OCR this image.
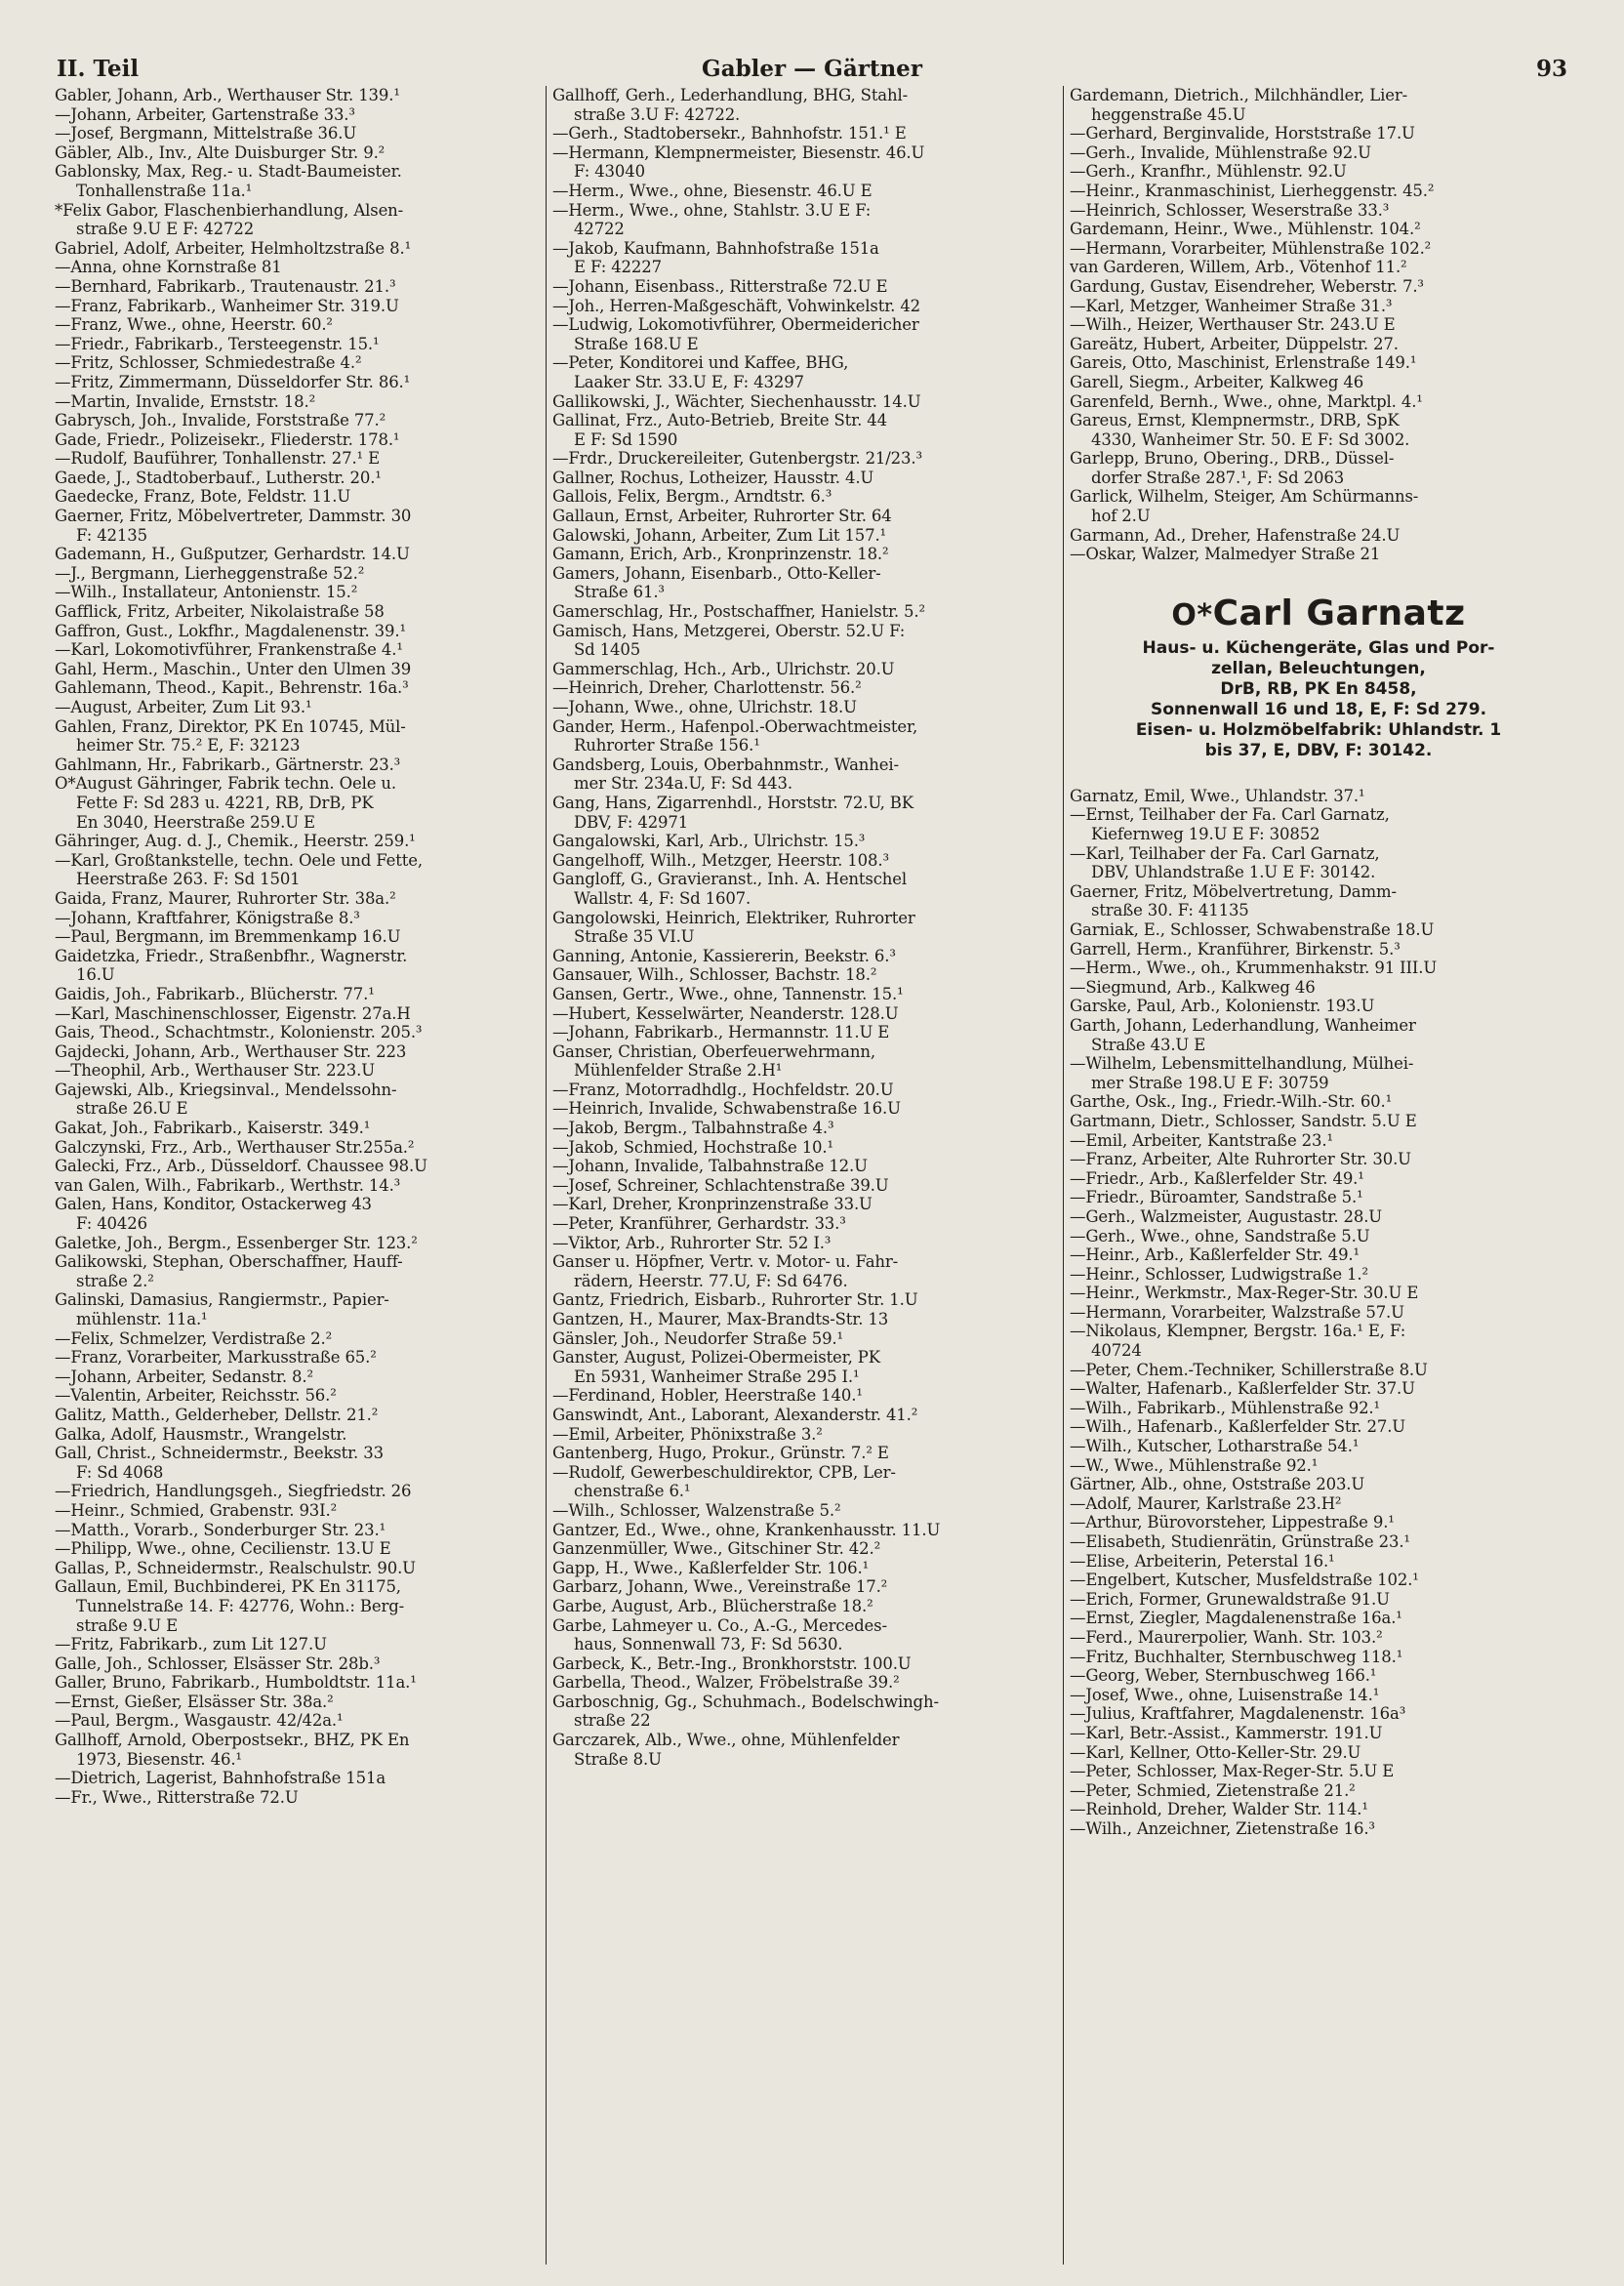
II. Teil	Gabler — Gärtner	93
Gabler, Johann, Arb., Werthauser Str. 139.¹
—Johann, Arbeiter, Gartenstraße 33.³
—Josef, Bergmann, Mittelstraße 36.U
Gäbler, Alb., Inv., Alte Duisburger Str. 9.²
Gablonsky, Max, Reg.- u. Stadt-Baumeister.
Tonhallenstraße 11a.¹
*Felix Gabor, Flaschenbierhandlung, Alsen-
straße 9.U E F: 42722
Gabriel, Adolf, Arbeiter, Helmholtzstraße 8.¹
—Anna, ohne Kornstraße 81
—Bernhard, Fabrikarb., Trautenaustr. 21.³
—Franz, Fabrikarb., Wanheimer Str. 319.U
—Franz, Wwe., ohne, Heerstr. 60.²
—Friedr., Fabrikarb., Tersteegenstr. 15.¹
—Fritz, Schlosser, Schmiedestraße 4.²
—Fritz, Zimmermann, Düsseldorfer Str. 86.¹
—Martin, Invalide, Ernststr. 18.²
Gabrysch, Joh., Invalide, Forststraße 77.²
Gade, Friedr., Polizeisekr., Fliederstr. 178.¹
—Rudolf, Bauführer, Tonhallenstr. 27.¹ E
Gaede, J., Stadtoberbauf., Lutherstr. 20.¹
Gaedecke, Franz, Bote, Feldstr. 11.U
Gaerner, Fritz, Möbelvertreter, Dammstr. 30
F: 42135
Gademann, H., Gußputzer, Gerhardstr. 14.U
—J., Bergmann, Lierheggenstraße 52.²
—Wilh., Installateur, Antonienstr. 15.²
Gafflick, Fritz, Arbeiter, Nikolaistraße 58
Gaffron, Gust., Lokfhr., Magdalenenstr. 39.¹
—Karl, Lokomotivführer, Frankenstraße 4.¹
Gahl, Herm., Maschin., Unter den Ulmen 39
Gahlemann, Theod., Kapit., Behrenstr. 16a.³
—August, Arbeiter, Zum Lit 93.¹
Gahlen, Franz, Direktor, PK En 10745, Mül-
heimer Str. 75.² E, F: 32123
Gahlmann, Hr., Fabrikarb., Gärtnerstr. 23.³
O*August Gähringer, Fabrik techn. Oele u.
Fette F: Sd 283 u. 4221, RB, DrB, PK
En 3040, Heerstraße 259.U E
Gähringer, Aug. d. J., Chemik., Heerstr. 259.¹
—Karl, Großtankstelle, techn. Oele und Fette,
Heerstraße 263. F: Sd 1501
Gaida, Franz, Maurer, Ruhrorter Str. 38a.²
—Johann, Kraftfahrer, Königstraße 8.³
—Paul, Bergmann, im Bremmenkamp 16.U
Gaidetzka, Friedr., Straßenbfhr., Wagnerstr.
16.U
Gaidis, Joh., Fabrikarb., Blücherstr. 77.¹
—Karl, Maschinenschlosser, Eigenstr. 27a.H
Gais, Theod., Schachtmstr., Kolonienstr. 205.³
Gajdecki, Johann, Arb., Werthauser Str. 223
—Theophil, Arb., Werthauser Str. 223.U
Gajewski, Alb., Kriegsinval., Mendelssohn-
straße 26.U E
Gakat, Joh., Fabrikarb., Kaiserstr. 349.¹
Galczynski, Frz., Arb., Werthauser Str.255a.²
Galecki, Frz., Arb., Düsseldorf. Chaussee 98.U
van Galen, Wilh., Fabrikarb., Werthstr. 14.³
Galen, Hans, Konditor, Ostackerweg 43
F: 40426
Galetke, Joh., Bergm., Essenberger Str. 123.²
Galikowski, Stephan, Oberschaffner, Hauff-
straße 2.²
Galinski, Damasius, Rangiermstr., Papier-
mühlenstr. 11a.¹
—Felix, Schmelzer, Verdistraße 2.²
—Franz, Vorarbeiter, Markusstraße 65.²
—Johann, Arbeiter, Sedanstr. 8.²
—Valentin, Arbeiter, Reichsstr. 56.²
Galitz, Matth., Gelderheber, Dellstr. 21.²
Galka, Adolf, Hausmstr., Wrangelstr.
Gall, Christ., Schneidermstr., Beekstr. 33
F: Sd 4068
—Friedrich, Handlungsgeh., Siegfriedstr. 26
—Heinr., Schmied, Grabenstr. 93I.²
—Matth., Vorarb., Sonderburger Str. 23.¹
—Philipp, Wwe., ohne, Cecilienstr. 13.U E
Gallas, P., Schneidermstr., Realschulstr. 90.U
Gallaun, Emil, Buchbinderei, PK En 31175,
Tunnelstraße 14. F: 42776, Wohn.: Berg-
straße 9.U E
—Fritz, Fabrikarb., zum Lit 127.U
Galle, Joh., Schlosser, Elsässer Str. 28b.³
Galler, Bruno, Fabrikarb., Humboldtstr. 11a.¹
—Ernst, Gießer, Elsässer Str. 38a.²
—Paul, Bergm., Wasgaustr. 42/42a.¹
Gallhoff, Arnold, Oberpostsekr., BHZ, PK En
1973, Biesenstr. 46.¹
—Dietrich, Lagerist, Bahnhofstraße 151a
—Fr., Wwe., Ritterstraße 72.U
Gallhoff, Gerh., Lederhandlung, BHG, Stahl-
straße 3.U F: 42722.
—Gerh., Stadtobersekr., Bahnhofstr. 151.¹ E
—Hermann, Klempnermeister, Biesenstr. 46.U
F: 43040
—Herm., Wwe., ohne, Biesenstr. 46.U E
—Herm., Wwe., ohne, Stahlstr. 3.U E F:
42722
—Jakob, Kaufmann, Bahnhofstraße 151a
E F: 42227
—Johann, Eisenbass., Ritterstraße 72.U E
—Joh., Herren-Maßgeschäft, Vohwinkelstr. 42
—Ludwig, Lokomotivführer, Obermeidericher
Straße 168.U E
—Peter, Konditorei und Kaffee, BHG,
Laaker Str. 33.U E, F: 43297
Gallikowski, J., Wächter, Siechenhausstr. 14.U
Gallinat, Frz., Auto-Betrieb, Breite Str. 44
E F: Sd 1590
—Frdr., Druckereileiter, Gutenbergstr. 21/23.³
Gallner, Rochus, Lotheizer, Hausstr. 4.U
Gallois, Felix, Bergm., Arndtstr. 6.³
Gallaun, Ernst, Arbeiter, Ruhrorter Str. 64
Galowski, Johann, Arbeiter, Zum Lit 157.¹
Gamann, Erich, Arb., Kronprinzenstr. 18.²
Gamers, Johann, Eisenbarb., Otto-Keller-
Straße 61.³
Gamerschlag, Hr., Postschaffner, Hanielstr. 5.²
Gamisch, Hans, Metzgerei, Oberstr. 52.U F:
Sd 1405
Gammerschlag, Hch., Arb., Ulrichstr. 20.U
—Heinrich, Dreher, Charlottenstr. 56.²
—Johann, Wwe., ohne, Ulrichstr. 18.U
Gander, Herm., Hafenpol.-Oberwachtmeister,
Ruhrorter Straße 156.¹
Gandsberg, Louis, Oberbahnmstr., Wanhei-
mer Str. 234a.U, F: Sd 443.
Gang, Hans, Zigarrenhdl., Horststr. 72.U, BK
DBV, F: 42971
Gangalowski, Karl, Arb., Ulrichstr. 15.³
Gangelhoff, Wilh., Metzger, Heerstr. 108.³
Gangloff, G., Gravieranst., Inh. A. Hentschel
Wallstr. 4, F: Sd 1607.
Gangolowski, Heinrich, Elektriker, Ruhrorter
Straße 35 VI.U
Ganning, Antonie, Kassiererin, Beekstr. 6.³
Gansauer, Wilh., Schlosser, Bachstr. 18.²
Gansen, Gertr., Wwe., ohne, Tannenstr. 15.¹
—Hubert, Kesselwärter, Neanderstr. 128.U
—Johann, Fabrikarb., Hermannstr. 11.U E
Ganser, Christian, Oberfeuerwehrmann,
Mühlenfelder Straße 2.H¹
—Franz, Motorradhdlg., Hochfeldstr. 20.U
—Heinrich, Invalide, Schwabenstraße 16.U
—Jakob, Bergm., Talbahnstraße 4.³
—Jakob, Schmied, Hochstraße 10.¹
—Johann, Invalide, Talbahnstraße 12.U
—Josef, Schreiner, Schlachtenstraße 39.U
—Karl, Dreher, Kronprinzenstraße 33.U
—Peter, Kranführer, Gerhardstr. 33.³
—Viktor, Arb., Ruhrorter Str. 52 I.³
Ganser u. Höpfner, Vertr. v. Motor- u. Fahr-
rädern, Heerstr. 77.U, F: Sd 6476.
Gantz, Friedrich, Eisbarb., Ruhrorter Str. 1.U
Gantzen, H., Maurer, Max-Brandts-Str. 13
Gänsler, Joh., Neudorfer Straße 59.¹
Ganster, August, Polizei-Obermeister, PK
En 5931, Wanheimer Straße 295 I.¹
—Ferdinand, Hobler, Heerstraße 140.¹
Ganswindt, Ant., Laborant, Alexanderstr. 41.²
—Emil, Arbeiter, Phönixstraße 3.²
Gantenberg, Hugo, Prokur., Grünstr. 7.² E
—Rudolf, Gewerbeschuldirektor, CPB, Ler-
chenstraße 6.¹
—Wilh., Schlosser, Walzenstraße 5.²
Gantzer, Ed., Wwe., ohne, Krankenhausstr. 11.U
Ganzenmüller, Wwe., Gitschiner Str. 42.²
Gapp, H., Wwe., Kaßlerfelder Str. 106.¹
Garbarz, Johann, Wwe., Vereinstraße 17.²
Garbe, August, Arb., Blücherstraße 18.²
Garbe, Lahmeyer u. Co., A.-G., Mercedes-
haus, Sonnenwall 73, F: Sd 5630.
Garbeck, K., Betr.-Ing., Bronkhorststr. 100.U
Garbella, Theod., Walzer, Fröbelstraße 39.²
Garboschnig, Gg., Schuhmach., Bodelschwingh-
straße 22
Garczarek, Alb., Wwe., ohne, Mühlenfelder
Straße 8.U
Gardemann, Dietrich., Milchhändler, Lier-
heggenstraße 45.U
—Gerhard, Berginvalide, Horststraße 17.U
—Gerh., Invalide, Mühlenstraße 92.U
—Gerh., Kranfhr., Mühlenstr. 92.U
—Heinr., Kranmaschinist, Lierheggenstr. 45.²
—Heinrich, Schlosser, Weserstraße 33.³
Gardemann, Heinr., Wwe., Mühlenstr. 104.²
—Hermann, Vorarbeiter, Mühlenstraße 102.²
van Garderen, Willem, Arb., Vötenhof 11.²
Gardung, Gustav, Eisendreher, Weberstr. 7.³
—Karl, Metzger, Wanheimer Straße 31.³
—Wilh., Heizer, Werthauser Str. 243.U E
Gareätz, Hubert, Arbeiter, Düppelstr. 27.
Gareis, Otto, Maschinist, Erlenstraße 149.¹
Garell, Siegm., Arbeiter, Kalkweg 46
Garenfeld, Bernh., Wwe., ohne, Marktpl. 4.¹
Gareus, Ernst, Klempnermstr., DRB, SpK
4330, Wanheimer Str. 50. E F: Sd 3002.
Garlepp, Bruno, Obering., DRB., Düssel-
dorfer Straße 287.¹, F: Sd 2063
Garlick, Wilhelm, Steiger, Am Schürmanns-
hof 2.U
Garmann, Ad., Dreher, Hafenstraße 24.U
—Oskar, Walzer, Malmedyer Straße 21
O*Carl Garnatz
Haus- u. Küchengeräte, Glas und Por-
zellan, Beleuchtungen,
DrB, RB, PK En 8458,
Sonnenwall 16 und 18, E, F: Sd 279.
Eisen- u. Holzmöbelfabrik: Uhlandstr. 1
bis 37, E, DBV, F: 30142.
Garnatz, Emil, Wwe., Uhlandstr. 37.¹
—Ernst, Teilhaber der Fa. Carl Garnatz,
Kiefernweg 19.U E F: 30852
—Karl, Teilhaber der Fa. Carl Garnatz,
DBV, Uhlandstraße 1.U E F: 30142.
Gaerner, Fritz, Möbelvertretung, Damm-
straße 30. F: 41135
Garniak, E., Schlosser, Schwabenstraße 18.U
Garrell, Herm., Kranführer, Birkenstr. 5.³
—Herm., Wwe., oh., Krummenhakstr. 91 III.U
—Siegmund, Arb., Kalkweg 46
Garske, Paul, Arb., Kolonienstr. 193.U
Garth, Johann, Lederhandlung, Wanheimer
Straße 43.U E
—Wilhelm, Lebensmittelhandlung, Mülhei-
mer Straße 198.U E F: 30759
Garthe, Osk., Ing., Friedr.-Wilh.-Str. 60.¹
Gartmann, Dietr., Schlosser, Sandstr. 5.U E
—Emil, Arbeiter, Kantstraße 23.¹
—Franz, Arbeiter, Alte Ruhrorter Str. 30.U
—Friedr., Arb., Kaßlerfelder Str. 49.¹
—Friedr., Büroamter, Sandstraße 5.¹
—Gerh., Walzmeister, Augustastr. 28.U
—Gerh., Wwe., ohne, Sandstraße 5.U
—Heinr., Arb., Kaßlerfelder Str. 49.¹
—Heinr., Schlosser, Ludwigstraße 1.²
—Heinr., Werkmstr., Max-Reger-Str. 30.U E
—Hermann, Vorarbeiter, Walzstraße 57.U
—Nikolaus, Klempner, Bergstr. 16a.¹ E, F:
40724
—Peter, Chem.-Techniker, Schillerstraße 8.U
—Walter, Hafenarb., Kaßlerfelder Str. 37.U
—Wilh., Fabrikarb., Mühlenstraße 92.¹
—Wilh., Hafenarb., Kaßlerfelder Str. 27.U
—Wilh., Kutscher, Lotharstraße 54.¹
—W., Wwe., Mühlenstraße 92.¹
Gärtner, Alb., ohne, Oststraße 203.U
—Adolf, Maurer, Karlstraße 23.H²
—Arthur, Bürovorsteher, Lippestraße 9.¹
—Elisabeth, Studienrätin, Grünstraße 23.¹
—Elise, Arbeiterin, Peterstal 16.¹
—Engelbert, Kutscher, Musfeldstraße 102.¹
—Erich, Former, Grunewaldstraße 91.U
—Ernst, Ziegler, Magdalenenstraße 16a.¹
—Ferd., Maurerpolier, Wanh. Str. 103.²
—Fritz, Buchhalter, Sternbuschweg 118.¹
—Georg, Weber, Sternbuschweg 166.¹
—Josef, Wwe., ohne, Luisenstraße 14.¹
—Julius, Kraftfahrer, Magdalenenstr. 16a³
—Karl, Betr.-Assist., Kammerstr. 191.U
—Karl, Kellner, Otto-Keller-Str. 29.U
—Peter, Schlosser, Max-Reger-Str. 5.U E
—Peter, Schmied, Zietenstraße 21.²
—Reinhold, Dreher, Walder Str. 114.¹
—Wilh., Anzeichner, Zietenstraße 16.³
